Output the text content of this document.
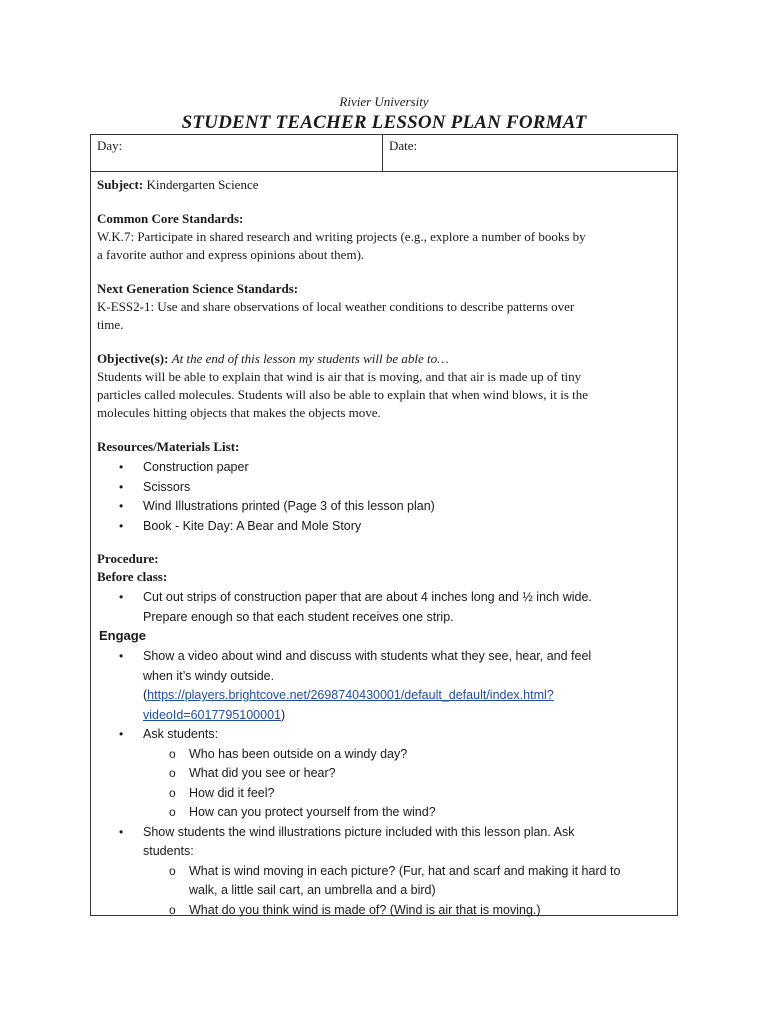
Rivier University
STUDENT TEACHER LESSON PLAN FORMAT
Day:	Date:

Subject: Kindergarten Science

Common Core Standards:

W.K.7: Participate in shared research and writing projects (e.g., explore a number of books by

a favorite author and express opinions about them).

Next Generation Science Standards:

K-ESS2-1: Use and share observations of local weather conditions to describe patterns over

time.

Objective(s): At the end of this lesson my students will be able to…

Students will be able to explain that wind is air that is moving, and that air is made up of tiny

particles called molecules. Students will also be able to explain that when wind blows, it is the

molecules hitting objects that makes the objects move.

Resources/Materials List:

• Construction paper
• Scissors
• Wind Illustrations printed (Page 3 of this lesson plan)
• Book - Kite Day: A Bear and Mole Story

Procedure:

Before class:

• Cut out strips of construction paper that are about 4 inches long and ½ inch wide.
Prepare enough so that each student receives one strip.

Engage

• Show a video about wind and discuss with students what they see, hear, and feel
when it’s windy outside.
(https://players.brightcove.net/2698740430001/default_default/index.html?
videoId=6017795100001)
• Ask students:
o Who has been outside on a windy day?
o What did you see or hear?
o How did it feel?
o How can you protect yourself from the wind?
• Show students the wind illustrations picture included with this lesson plan. Ask
students:
o What is wind moving in each picture? (Fur, hat and scarf and making it hard to
walk, a little sail cart, an umbrella and a bird)
o What do you think wind is made of? (Wind is air that is moving.)
